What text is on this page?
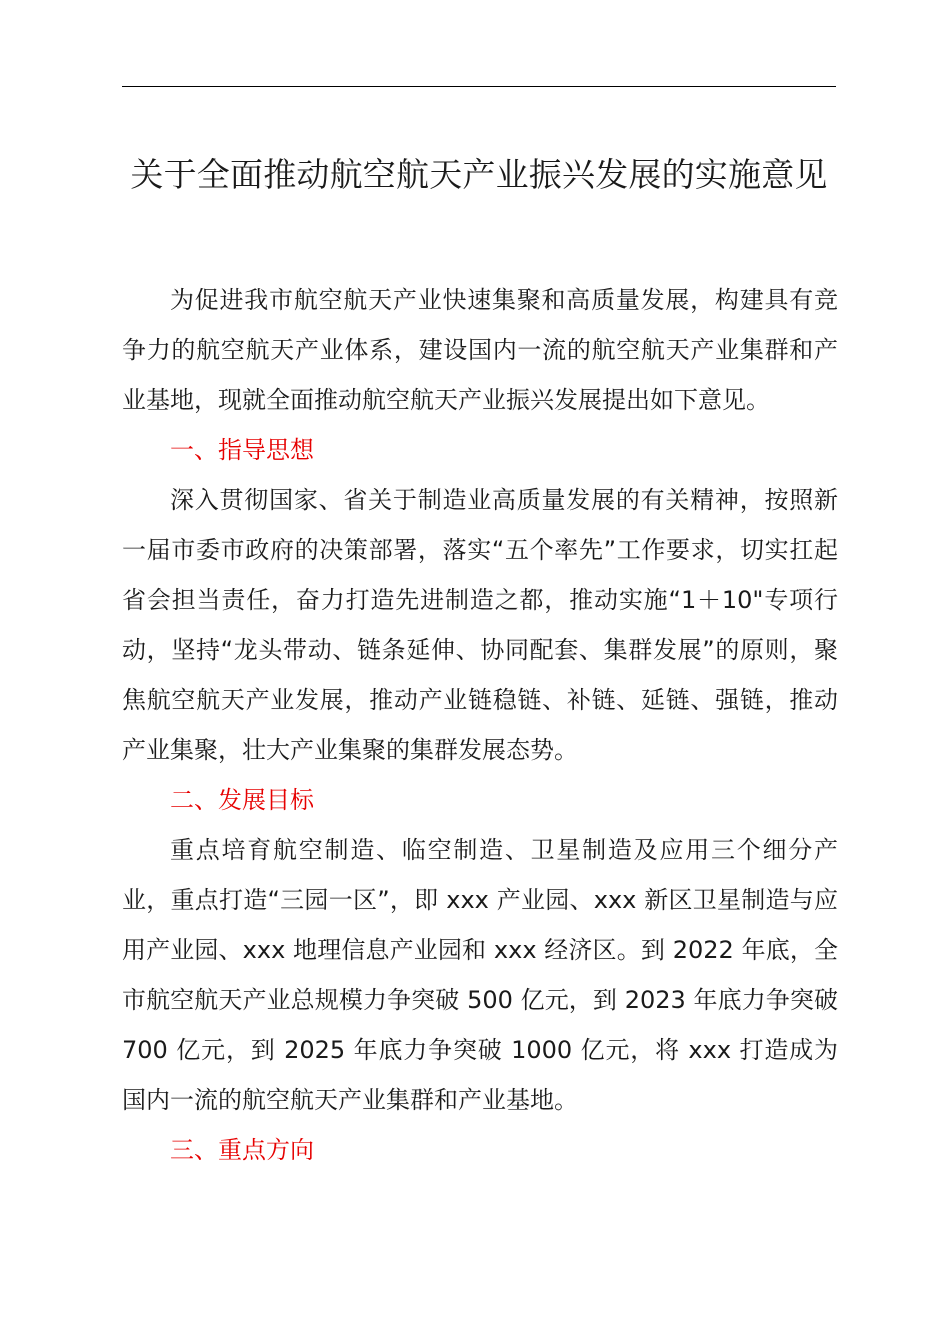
关于全面推动航空航天产业振兴发展的实施意见

为促进我市航空航天产业快速集聚和高质量发展，构建具有竞争力的航空航天产业体系，建设国内一流的航空航天产业集群和产业基地，现就全面推动航空航天产业振兴发展提出如下意见。

一、指导思想

深入贯彻国家、省关于制造业高质量发展的有关精神，按照新一届市委市政府的决策部署，落实“五个率先”工作要求，切实扛起省会担当责任，奋力打造先进制造之都，推动实施“1＋10"专项行动，坚持“龙头带动、链条延伸、协同配套、集群发展”的原则，聚焦航空航天产业发展，推动产业链稳链、补链、延链、强链，推动产业集聚，壮大产业集聚的集群发展态势。

二、发展目标

重点培育航空制造、临空制造、卫星制造及应用三个细分产业，重点打造“三园一区”，即 xxx 产业园、xxx 新区卫星制造与应用产业园、xxx 地理信息产业园和 xxx 经济区。到 2022 年底，全市航空航天产业总规模力争突破 500 亿元，到 2023 年底力争突破 700 亿元，到 2025 年底力争突破 1000 亿元，将 xxx 打造成为国内一流的航空航天产业集群和产业基地。

三、重点方向
